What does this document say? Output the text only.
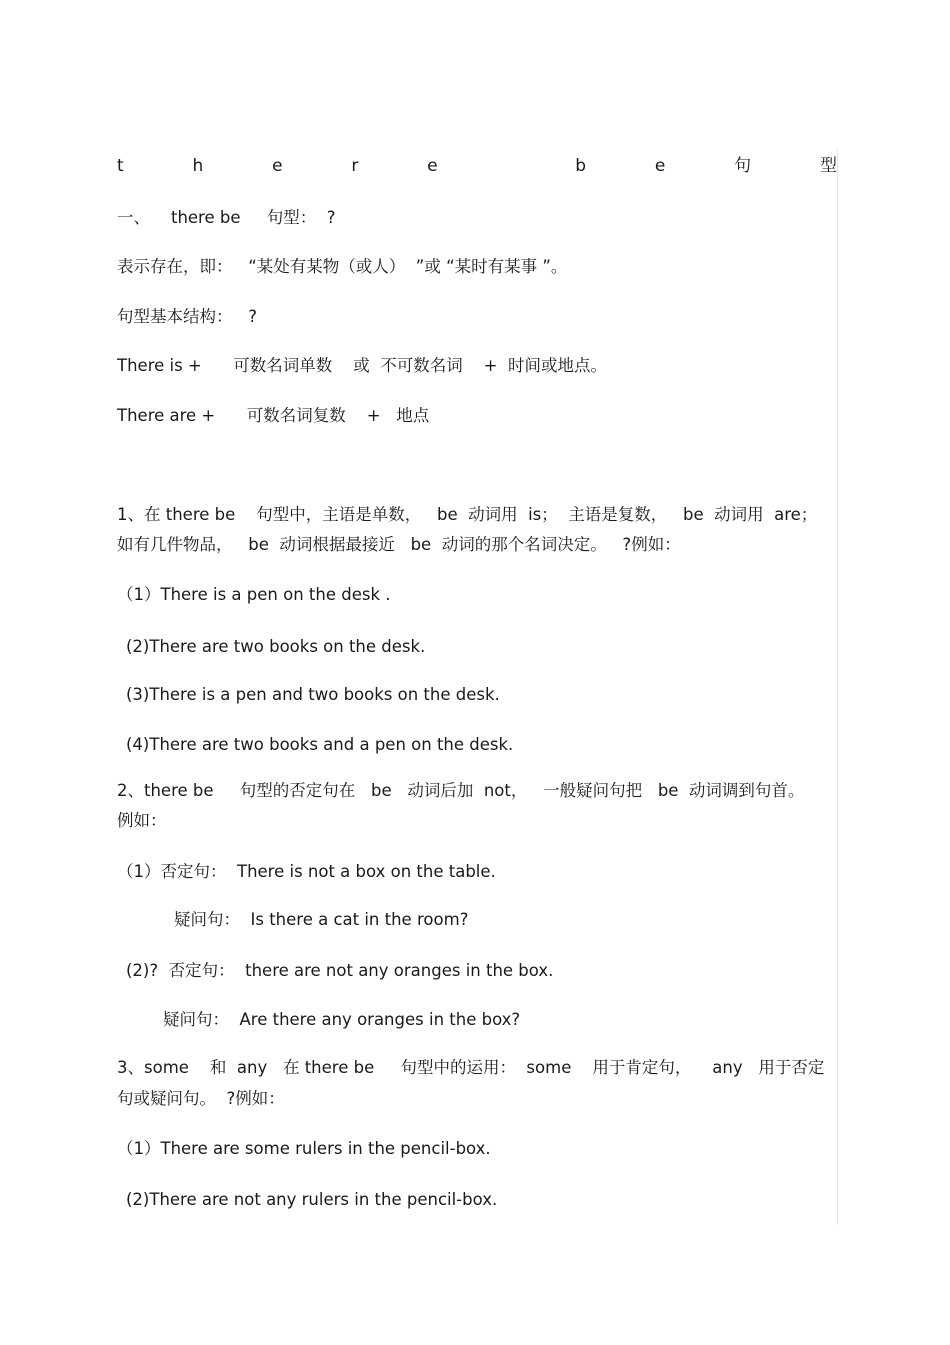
t	h	e	r	e	b	e	句	型
一、    there be     句型：  ?
表示存在，即：   “某处有某物（或人）  ”或 “某时有某事 ”。
句型基本结构：   ?
There is +      可数名词单数    或  不可数名词    +  时间或地点。
There are +      可数名词复数    +   地点
1、在 there be    句型中，主语是单数，   be  动词用  is；  主语是复数，   be  动词用  are；
如有几件物品，   be  动词根据最接近   be  动词的那个名词决定。   ?例如：
（1）There is a pen on the desk .
(2)There are two books on the desk.
(3)There is a pen and two books on the desk.
(4)There are two books and a pen on the desk.
2、there be     句型的否定句在   be   动词后加  not，   一般疑问句把   be  动词调到句首。
例如：
（1）否定句：  There is not a box on the table.
疑问句：  Is there a cat in the room?
(2)?  否定句：  there are not any oranges in the box.
疑问句：  Are there any oranges in the box?
3、some    和  any   在 there be     句型中的运用：  some    用于肯定句，    any   用于否定
句或疑问句。  ?例如：
（1）There are some rulers in the pencil-box.
(2)There are not any rulers in the pencil-box.
